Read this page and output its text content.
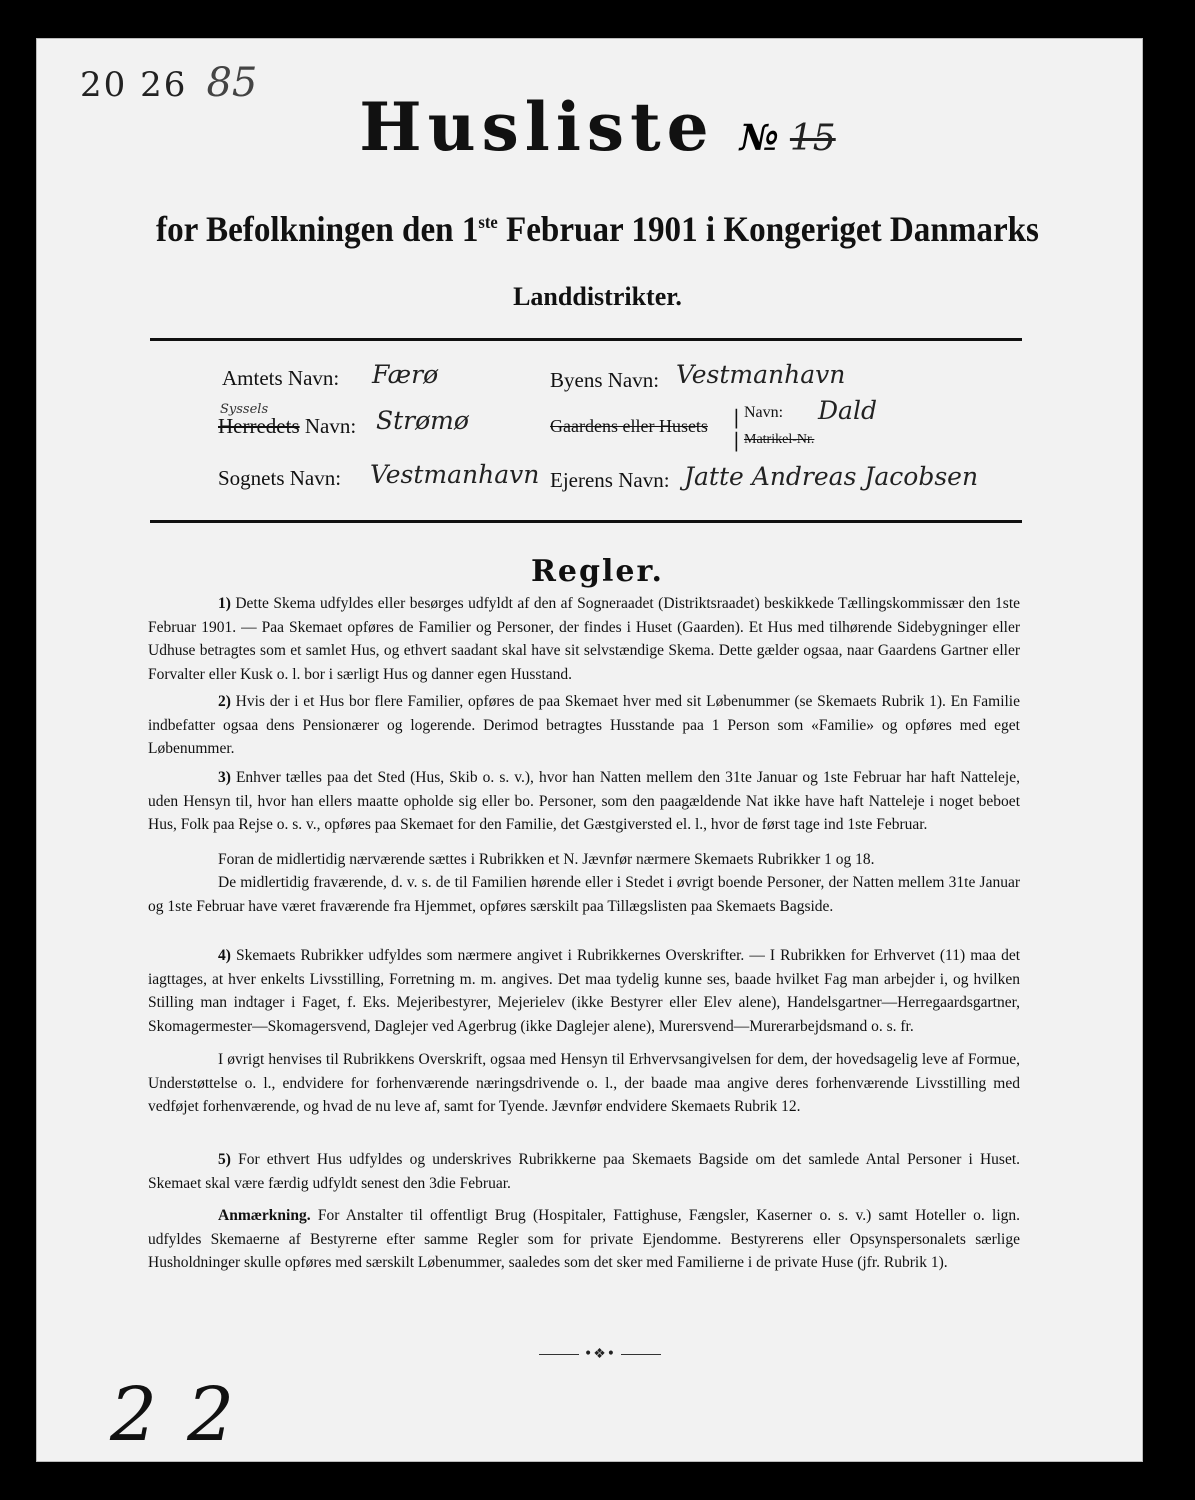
20 26 85
Husliste № 15
for Befolkningen den 1ste Februar 1901 i Kongeriget Danmarks
Landdistrikter.
Amtets Navn: Færø
Syssels
Herredets Navn: Strømø
Sognets Navn: Vestmanhavn
Byens Navn: Vestmanhavn
Gaardens eller Husets |
|
Navn: Dald
Matrikel-Nr.
Ejerens Navn: Jatte Andreas Jacobsen
Regler.
1) Dette Skema udfyldes eller besørges udfyldt af den af Sogneraadet (Distriktsraadet) beskikkede Tællingskommissær den 1ste Februar 1901. — Paa Skemaet opføres de Familier og Personer, der findes i Huset (Gaarden). Et Hus med tilhørende Sidebygninger eller Udhuse betragtes som et samlet Hus, og ethvert saadant skal have sit selvstændige Skema. Dette gælder ogsaa, naar Gaardens Gartner eller Forvalter eller Kusk o. l. bor i særligt Hus og danner egen Husstand.
2) Hvis der i et Hus bor flere Familier, opføres de paa Skemaet hver med sit Løbenummer (se Skemaets Rubrik 1). En Familie indbefatter ogsaa dens Pensionærer og logerende. Derimod betragtes Husstande paa 1 Person som «Familie» og opføres med eget Løbenummer.
3) Enhver tælles paa det Sted (Hus, Skib o. s. v.), hvor han Natten mellem den 31te Januar og 1ste Februar har haft Natteleje, uden Hensyn til, hvor han ellers maatte opholde sig eller bo. Personer, som den paagældende Nat ikke have haft Natteleje i noget beboet Hus, Folk paa Rejse o. s. v., opføres paa Skemaet for den Familie, det Gæstgiversted el. l., hvor de først tage ind 1ste Februar.
Foran de midlertidig nærværende sættes i Rubrikken et N. Jævnfør nærmere Skemaets Rubrikker 1 og 18.
De midlertidig fraværende, d. v. s. de til Familien hørende eller i Stedet i øvrigt boende Personer, der Natten mellem 31te Januar og 1ste Februar have været fraværende fra Hjemmet, opføres særskilt paa Tillægslisten paa Skemaets Bagside.
4) Skemaets Rubrikker udfyldes som nærmere angivet i Rubrikkernes Overskrifter. — I Rubrikken for Erhvervet (11) maa det iagttages, at hver enkelts Livsstilling, Forretning m. m. angives. Det maa tydelig kunne ses, baade hvilket Fag man arbejder i, og hvilken Stilling man indtager i Faget, f. Eks. Mejeribestyrer, Mejerielev (ikke Bestyrer eller Elev alene), Handelsgartner—Herregaardsgartner, Skomagermester—Skomagersvend, Daglejer ved Agerbrug (ikke Daglejer alene), Murersvend—Murerarbejdsmand o. s. fr.
I øvrigt henvises til Rubrikkens Overskrift, ogsaa med Hensyn til Erhvervsangivelsen for dem, der hovedsagelig leve af Formue, Understøttelse o. l., endvidere for forhenværende næringsdrivende o. l., der baade maa angive deres forhenværende Livsstilling med vedføjet forhenværende, og hvad de nu leve af, samt for Tyende. Jævnfør endvidere Skemaets Rubrik 12.
5) For ethvert Hus udfyldes og underskrives Rubrikkerne paa Skemaets Bagside om det samlede Antal Personer i Huset. Skemaet skal være færdig udfyldt senest den 3die Februar.
Anmærkning. For Anstalter til offentligt Brug (Hospitaler, Fattighuse, Fængsler, Kaserner o. s. v.) samt Hoteller o. lign. udfyldes Skemaerne af Bestyrerne efter samme Regler som for private Ejendomme. Bestyrerens eller Opsynspersonalets særlige Husholdninger skulle opføres med særskilt Løbenummer, saaledes som det sker med Familierne i de private Huse (jfr. Rubrik 1).
•❖•
22
